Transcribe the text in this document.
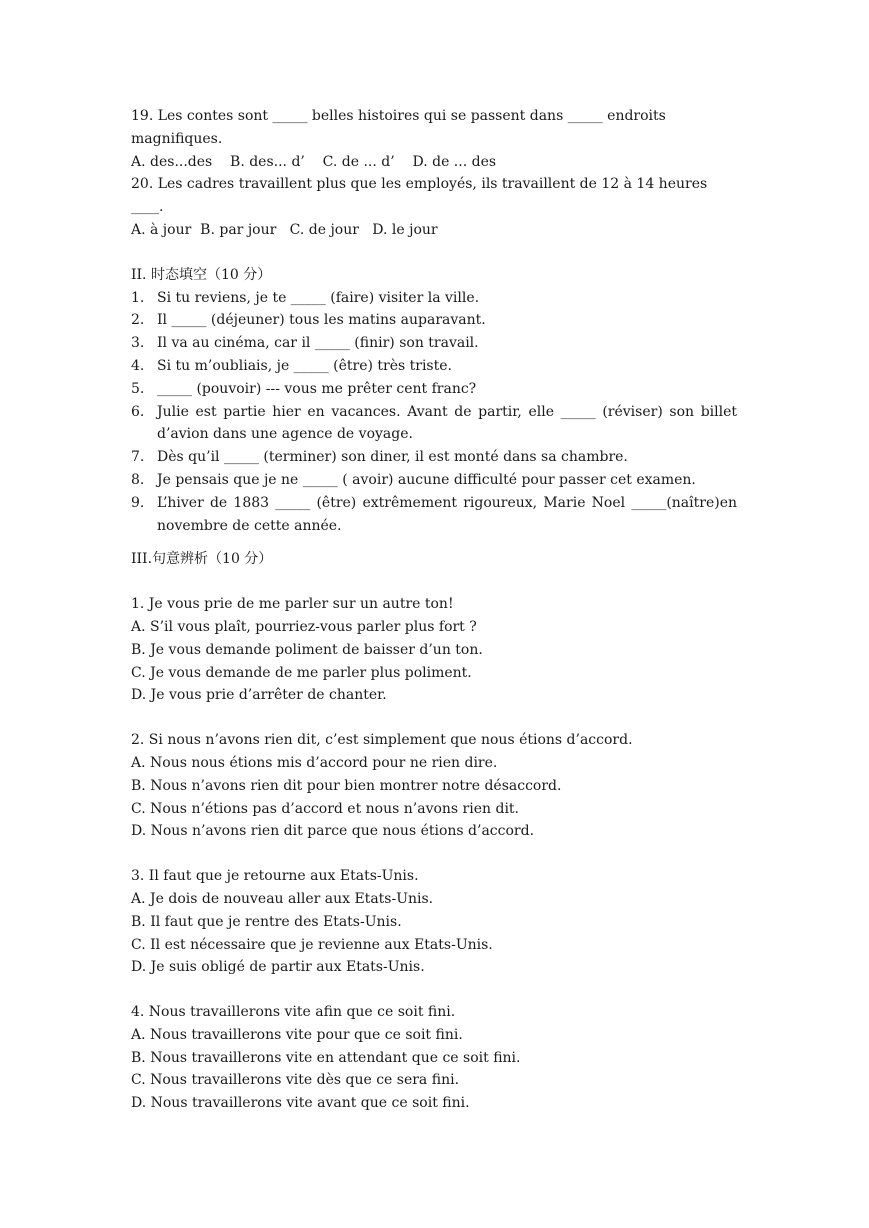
19. Les contes sont _____ belles histoires qui se passent dans _____ endroits
magnifiques.
A. des...des    B. des... d’    C. de ... d’    D. de ... des
20. Les cadres travaillent plus que les employés, ils travaillent de 12 à 14 heures
____.
A. à jour  B. par jour   C. de jour   D. le jour
II. 时态填空（10 分）
1. Si tu reviens, je te _____ (faire) visiter la ville.
2. Il _____ (déjeuner) tous les matins auparavant.
3. Il va au cinéma, car il _____ (finir) son travail.
4. Si tu m’oubliais, je _____ (être) très triste.
5. _____ (pouvoir) --- vous me prêter cent franc?
6. Julie est partie hier en vacances. Avant de partir, elle _____ (réviser) son billet d’avion dans une agence de voyage.
7. Dès qu’il _____ (terminer) son diner, il est monté dans sa chambre.
8. Je pensais que je ne _____ ( avoir) aucune difficulté pour passer cet examen.
9. L’hiver de 1883 _____ (être) extrêmement rigoureux, Marie Noel _____(naître)en novembre de cette année.
III.句意辨析（10 分）
1. Je vous prie de me parler sur un autre ton!
A. S’il vous plaît, pourriez-vous parler plus fort ?
B. Je vous demande poliment de baisser d’un ton.
C. Je vous demande de me parler plus poliment.
D. Je vous prie d’arrêter de chanter.
2. Si nous n’avons rien dit, c’est simplement que nous étions d’accord.
A. Nous nous étions mis d’accord pour ne rien dire.
B. Nous n’avons rien dit pour bien montrer notre désaccord.
C. Nous n’étions pas d’accord et nous n’avons rien dit.
D. Nous n’avons rien dit parce que nous étions d’accord.
3. Il faut que je retourne aux Etats-Unis.
A. Je dois de nouveau aller aux Etats-Unis.
B. Il faut que je rentre des Etats-Unis.
C. Il est nécessaire que je revienne aux Etats-Unis.
D. Je suis obligé de partir aux Etats-Unis.
4. Nous travaillerons vite afin que ce soit fini.
A. Nous travaillerons vite pour que ce soit fini.
B. Nous travaillerons vite en attendant que ce soit fini.
C. Nous travaillerons vite dès que ce sera fini.
D. Nous travaillerons vite avant que ce soit fini.
